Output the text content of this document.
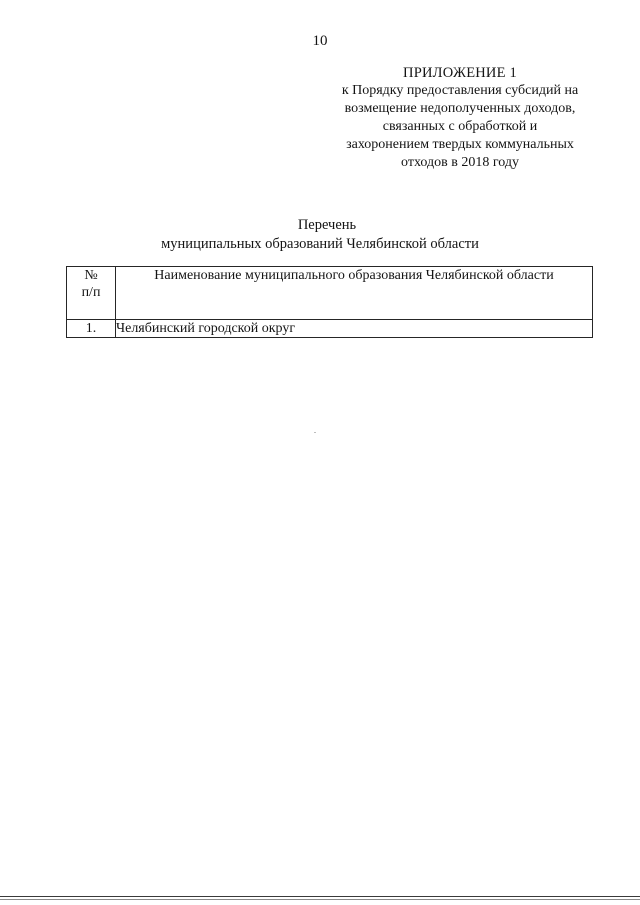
10
ПРИЛОЖЕНИЕ 1
к Порядку предоставления субсидий на
возмещение недополученных доходов,
связанных с обработкой и
захоронением твердых коммунальных
отходов в 2018 году
Перечень
муниципальных образований Челябинской области
№
п/п	Наименование муниципального образования Челябинской области
1.	Челябинский городской округ
